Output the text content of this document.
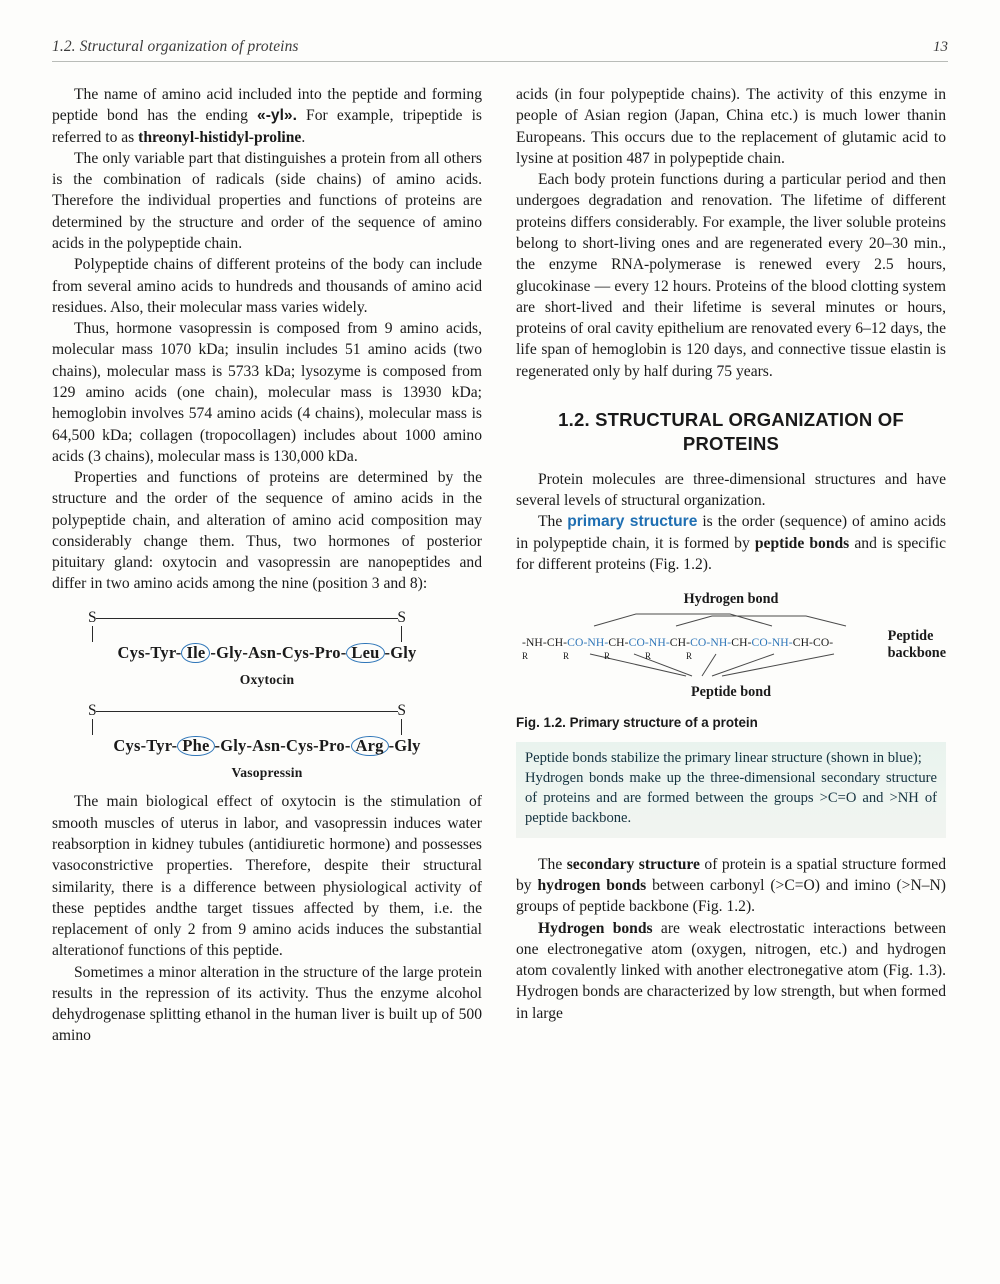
1.2. Structural organization of proteins	13

The name of amino acid included into the peptide and forming peptide bond has the ending «-yl». For example, tripeptide is referred to as threonyl-histidyl-proline.

The only variable part that distinguishes a protein from all others is the combination of radicals (side chains) of amino acids. Therefore the individual properties and functions of proteins are determined by the structure and order of the sequence of amino acids in the polypeptide chain.

Polypeptide chains of different proteins of the body can include from several amino acids to hundreds and thousands of amino acid residues. Also, their molecular mass varies widely.

Thus, hormone vasopressin is composed from 9 amino acids, molecular mass 1070 kDa; insulin includes 51 amino acids (two chains), molecular mass is 5733 kDa; lysozyme is composed from 129 amino acids (one chain), molecular mass is 13930 kDa; hemoglobin involves 574 amino acids (4 chains), molecular mass is 64,500 kDa; collagen (tropocollagen) includes about 1000 amino acids (3 chains), molecular mass is 130,000 kDa.

Properties and functions of proteins are determined by the structure and the order of the sequence of amino acids in the polypeptide chain, and alteration of amino acid composition may considerably change them. Thus, two hormones of posterior pituitary gland: oxytocin and vasopressin are nanopeptides and differ in two amino acids among the nine (position 3 and 8):

S	S
Cys-Tyr- Ile -Gly-Asn-Cys-Pro- Leu -Gly
Oxytocin
S	S
Cys-Tyr- Phe -Gly-Asn-Cys-Pro- Arg -Gly
Vasopressin

The main biological effect of oxytocin is the stimulation of smooth muscles of uterus in labor, and vasopressin induces water reabsorption in kidney tubules (antidiuretic hormone) and possesses vasoconstrictive properties. Therefore, despite their structural similarity, there is a difference between physiological activity of these peptides andthe target tissues affected by them, i.e. the replacement of only 2 from 9 amino acids induces the substantial alterationof functions of this peptide.

Sometimes a minor alteration in the structure of the large protein results in the repression of its activity. Thus the enzyme alcohol dehydrogenase splitting ethanol in the human liver is built up of 500 amino

acids (in four polypeptide chains). The activity of this enzyme in people of Asian region (Japan, China etc.) is much lower thanin Europeans. This occurs due to the replacement of glutamic acid to lysine at position 487 in polypeptide chain.

Each body protein functions during a particular period and then undergoes degradation and renovation. The lifetime of different proteins differs considerably. For example, the liver soluble proteins belong to short-living ones and are regenerated every 20–30 min., the enzyme RNA-polymerase is renewed every 2.5 hours, glucokinase — every 12 hours. Proteins of the blood clotting system are short-lived and their lifetime is several minutes or hours, proteins of oral cavity epithelium are renovated every 6–12 days, the life span of hemoglobin is 120 days, and connective tissue elastin is regenerated only by half during 75 years.

1.2. STRUCTURAL ORGANIZATION OF PROTEINS

Protein molecules are three-dimensional structures and have several levels of structural organization.

The primary structure is the order (sequence) of amino acids in polypeptide chain, it is formed by peptide bonds and is specific for different proteins (Fig. 1.2).

Hydrogen bond
-NH-CH-CO-NH-CH-CO-NH-CH-CO-NH-CH-CO-NH-CH-CO-
R	R	R	R	R
Peptide
backbone
Peptide bond
Fig. 1.2. Primary structure of a protein

Peptide bonds stabilize the primary linear structure (shown in blue);

Hydrogen bonds make up the three-dimensional secondary structure of proteins and are formed between the groups >C=O and >NH of peptide backbone.

The secondary structure of protein is a spatial structure formed by hydrogen bonds between carbonyl (>C=O) and imino (>N–N) groups of peptide backbone (Fig. 1.2).

Hydrogen bonds are weak electrostatic interactions between one electronegative atom (oxygen, nitrogen, etc.) and hydrogen atom covalently linked with another electronegative atom (Fig. 1.3). Hydrogen bonds are characterized by low strength, but when formed in large
